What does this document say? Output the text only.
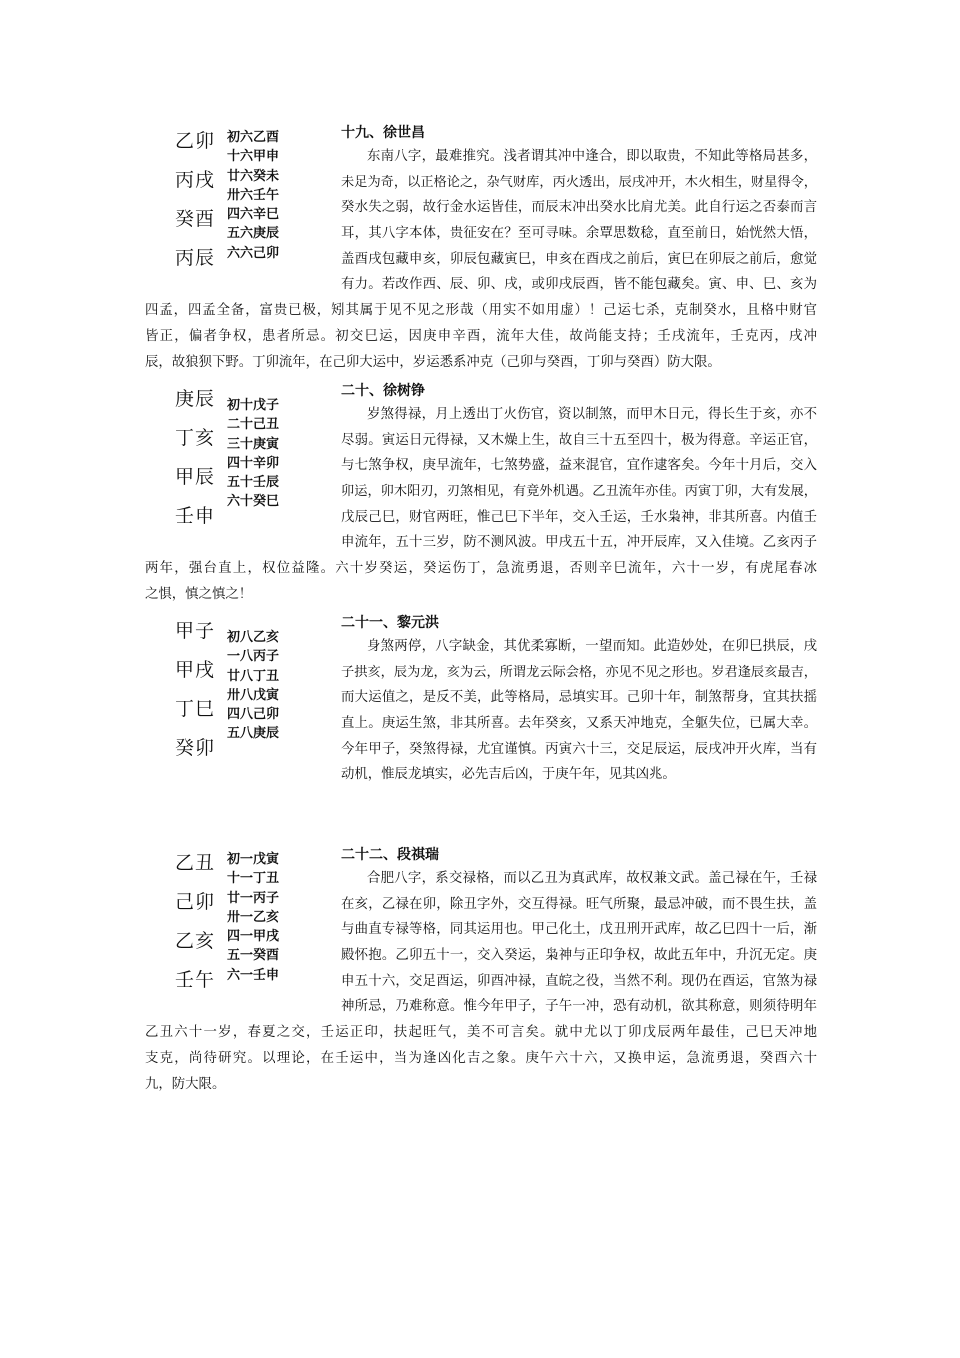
乙卯
丙戌
癸酉
丙辰
初六乙酉
十六甲申
廿六癸未
卅六壬午
四六辛巳
五六庚辰
六六己卯
十九、徐世昌
东南八字，最难推究。浅者谓其冲中逢合，即以取贵，不知此等格局甚多，
未足为奇，以正格论之，杂气财库，丙火透出，辰戌冲开，木火相生，财星得令，
癸水失之弱，故行金水运皆佳，而辰末冲出癸水比肩尤美。此自行运之否泰而言
耳，其八字本体，贵征安在？至可寻味。余覃思数稔，直至前日，始恍然大悟，
盖酉戌包藏申亥，卯辰包藏寅巳，申亥在酉戌之前后，寅巳在卯辰之前后，愈觉
有力。若改作西、辰、卯、戌，或卯戌辰酉，皆不能包藏矣。寅、申、巳、亥为
四孟，四孟全备，富贵已极，矧其属于见不见之形哉（用实不如用虚）！己运七杀，克制癸水，且格中财官
皆正，偏者争权，患者所忌。初交巳运，因庚申辛酉，流年大佳，故尚能支持；壬戌流年，壬克丙，戌冲
辰，故狼狈下野。丁卯流年，在己卯大运中，岁运悉系冲克（己卯与癸酉，丁卯与癸酉）防大限。
庚辰
丁亥
甲辰
壬申
初十戊子
二十己丑
三十庚寅
四十辛卯
五十壬辰
六十癸巳
二十、徐树铮
岁煞得禄，月上透出丁火伤官，资以制煞，而甲木日元，得长生于亥，亦不
尽弱。寅运日元得禄，又木燥上生，故自三十五至四十，极为得意。辛运正官，
与七煞争权，庚早流年，七煞势盛，益来混官，宜作逮客矣。今年十月后，交入
卯运，卯木阳刃，刃煞相见，有竟外机遇。乙丑流年亦佳。丙寅丁卯，大有发展，
戊辰己巳，财官两旺，惟己巳下半年，交入壬运，壬水枭神，非其所喜。内值壬
申流年，五十三岁，防不测风波。甲戌五十五，冲开辰库，又入佳境。乙亥丙子
两年，强台直上，权位益隆。六十岁癸运，癸运伤丁，急流勇退，否则辛巳流年，六十一岁，有虎尾春冰
之惧，慎之慎之！
甲子
甲戌
丁巳
癸卯
初八乙亥
一八丙子
廿八丁丑
卅八戊寅
四八己卯
五八庚辰
二十一、黎元洪
身煞两停，八字缺金，其优柔寡断，一望而知。此造妙处，在卯巳拱辰，戌
子拱亥，辰为龙，亥为云，所谓龙云际会格，亦见不见之形也。岁君逢辰亥最吉，
而大运值之，是反不美，此等格局，忌填实耳。己卯十年，制煞帮身，宜其扶摇
直上。庚运生煞，非其所喜。去年癸亥，又系天冲地克，全躯失位，已属大幸。
今年甲子，癸煞得禄，尤宜谨慎。丙寅六十三，交足辰运，辰戌冲开火库，当有
动机，惟辰龙填实，必先吉后凶，于庚午年，见其凶兆。
乙丑
己卯
乙亥
壬午
初一戊寅
十一丁丑
廿一丙子
卅一乙亥
四一甲戌
五一癸酉
六一壬申
二十二、段祺瑞
合肥八字，系交禄格，而以乙丑为真武库，故权兼文武。盖己禄在午，壬禄
在亥，乙禄在卯，除丑字外，交互得禄。旺气所聚，最忌冲破，而不畏生扶，盖
与曲直专禄等格，同其运用也。甲己化土，戊丑刑开武库，故乙巳四十一后，渐
殿怀抱。乙卯五十一，交入癸运，枭神与正印争权，故此五年中，升沉无定。庚
申五十六，交足酉运，卯酉冲禄，直皖之役，当然不利。现仍在酉运，官煞为禄
神所忌，乃难称意。惟今年甲子，子午一冲，恐有动机，欲其称意，则须待明年
乙丑六十一岁，春夏之交，壬运正印，扶起旺气，美不可言矣。就中尤以丁卯戊辰两年最佳，己巳天冲地
支克，尚待研究。以理论，在壬运中，当为逢凶化吉之象。庚午六十六，又换申运，急流勇退，癸酉六十
九，防大限。
